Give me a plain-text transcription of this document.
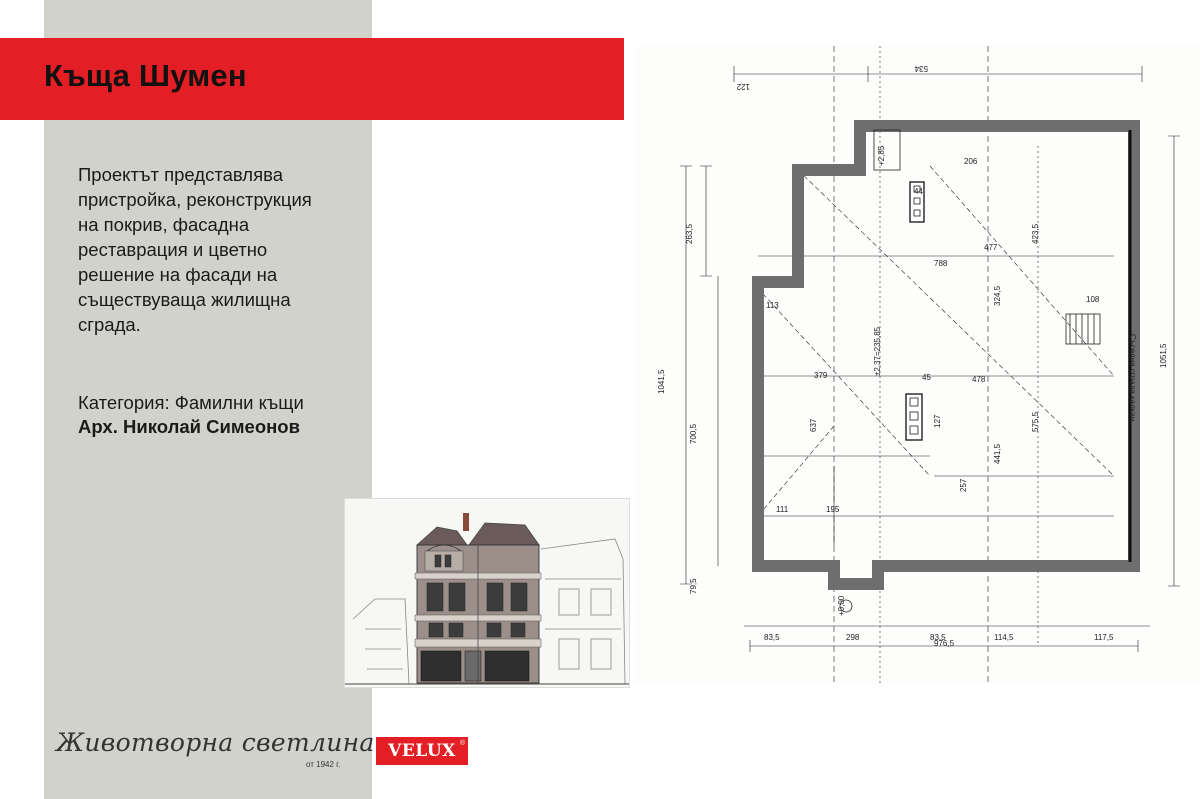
Къща Шумен
Проектът представлява
пристройка, реконструкция
на покрив, фасадна
реставрация и цветно
решение на фасади на
съществуваща жилищна
сграда.
Категория: Фамилни къщи
Арх. Николай Симеонов
534
122
44
788
113
477
379	478
108
195
111
206
976,5
83,5	298	83,5	114,5	117,5
45
1041,5
263,5
700,5
79,5
1051,5
Съседна сграда калкан
+2,85
±2,37=235,85
+0,00
324,5
441,5
575,5
423,5
637
257
127
Животворна светлина
от 1942 г.
VELUX ®
